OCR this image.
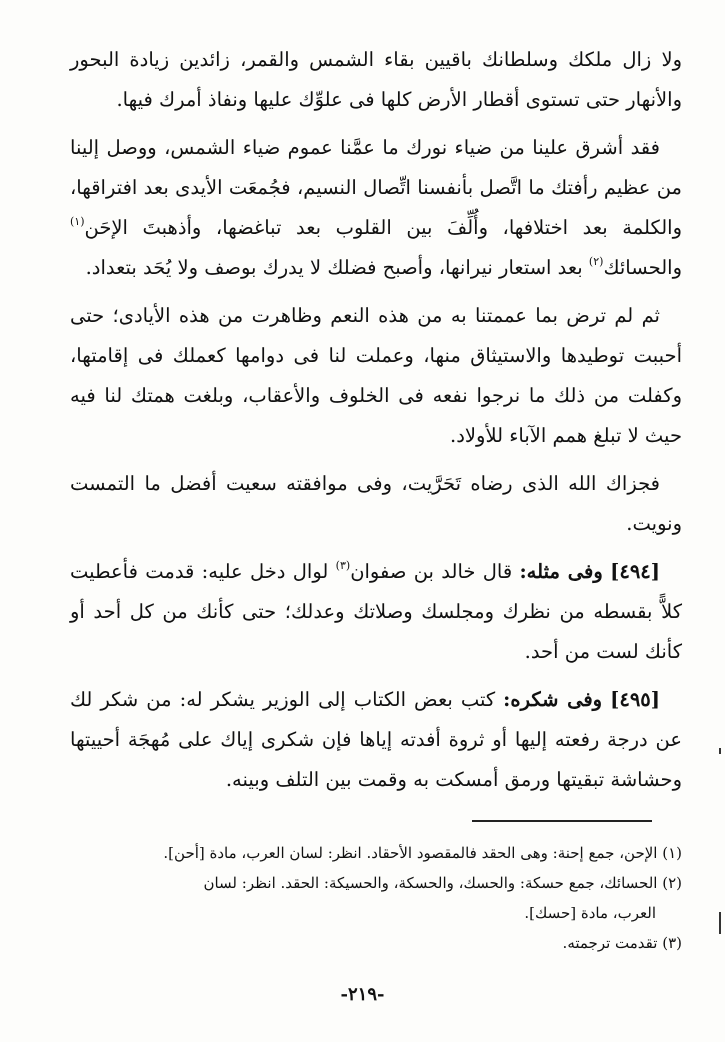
ولا زال ملكك وسلطانك باقيين بقاء الشمس والقمر، زائدين زيادة البحور والأنهار حتى تستوى أقطار الأرض كلها فى علوِّك عليها ونفاذ أمرك فيها.

فقد أشرق علينا من ضياء نورك ما عمَّنا عموم ضياء الشمس، ووصل إلينا من عظيم رأفتك ما اتَّصل بأنفسنا اتِّصال النسيم، فجُمعَت الأيدى بعد افتراقها، والكلمة بعد اختلافها، وأُلِّفَ بين القلوب بعد تباغضها، وأذهبتَ الإحَن$^{(١)}$ والحسائك$^{(٢)}$ بعد استعار نيرانها، وأصبح فضلك لا يدرك بوصف ولا يُحَد بتعداد.

ثم لم ترض بما عممتنا به من هذه النعم وظاهرت من هذه الأيادى؛ حتى أحببت توطيدها والاستيثاق منها، وعملت لنا فى دوامها كعملك فى إقامتها، وكفلت من ذلك ما نرجوا نفعه فى الخلوف والأعقاب، وبلغت همتك لنا فيه حيث لا تبلغ همم الآباء للأولاد.

فجزاك الله الذى رضاه تَحَرَّيت، وفى موافقته سعيت أفضل ما التمست ونويت.

[٤٩٤] وفى مثله: قال خالد بن صفوان$^{(٣)}$ لوال دخل عليه: قدمت فأعطيت كلاًّ بقسطه من نظرك ومجلسك وصلاتك وعدلك؛ حتى كأنك من كل أحد أو كأنك لست من أحد.

[٤٩٥] وفى شكره: كتب بعض الكتاب إلى الوزير يشكر له: من شكر لك عن درجة رفعته إليها أو ثروة أفدته إياها فإن شكرى إياك على مُهجَة أحييتها وحشاشة تبقيتها ورمق أمسكت به وقمت بين التلف وبينه.

(١) الإحن، جمع إحنة: وهى الحقد فالمقصود الأحقاد. انظر: لسان العرب، مادة [أحن].

(٢) الحسائك، جمع حسكة: والحسك، والحسكة، والحسيكة: الحقد. انظر: لسان

العرب، مادة [حسك].

(٣) تقدمت ترجمته.

-٢١٩-
